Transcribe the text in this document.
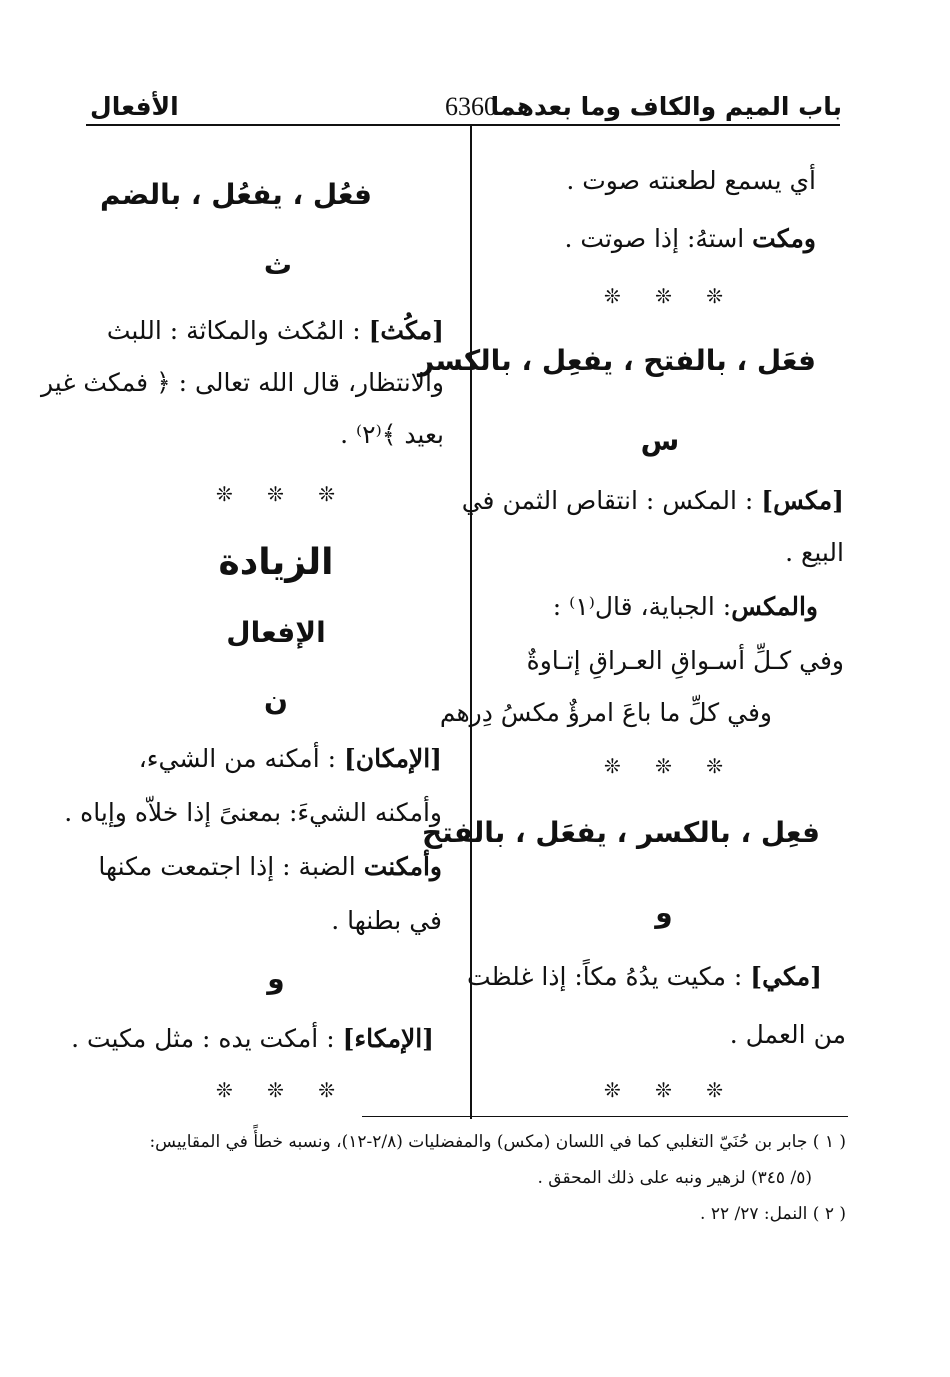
باب الميم والكاف وما بعدهما
6360
الأفعال
أي يسمع لطعنته صوت .
ومكت استهُ: إذا صوتت .
❊ ❊ ❊
فعَل ، بالفتح ، يفعِل ، بالكسر
س
[مكس] : المكس : انتقاص الثمن في
البيع .
والمكس: الجباية، قال⁽١⁾ :
وفي كـلِّ أسـواقِ العـراقِ إتـاوةٌ
وفي كلِّ ما باعَ امرؤٌ مكسُ دِرهم
❊ ❊ ❊
فعِل ، بالكسر ، يفعَل ، بالفتح
و
[مكي] : مكيت يدُهُ مكاً: إذا غلظت
من العمل .
❊ ❊ ❊
فعُل ، يفعُل ، بالضم
ث
[مكُث] : المُكث والمكاثة : اللبث
والانتظار، قال الله تعالى : ﴿ فمكث غير
بعيد ﴾⁽٢⁾ .
❊ ❊ ❊
الزيادة
الإفعال
ن
[الإمكان] : أمكنه من الشيء،
وأمكنه الشيءَ: بمعنىً إذا خلاّه وإياه .
وأمكنت الضبة : إذا اجتمعت مكنها
في بطنها .
و
[الإمكاء] : أمكت يده : مثل مكيت .
❊ ❊ ❊
( ١ ) جابر بن حُنَيّ التغلبي كما في اللسان (مكس) والمفضليات (٢/٨-١٢)، ونسبه خطأً في المقاييس:
(٥/ ٣٤٥) لزهير ونبه على ذلك المحقق .
( ٢ ) النمل: ٢٧/ ٢٢ .
